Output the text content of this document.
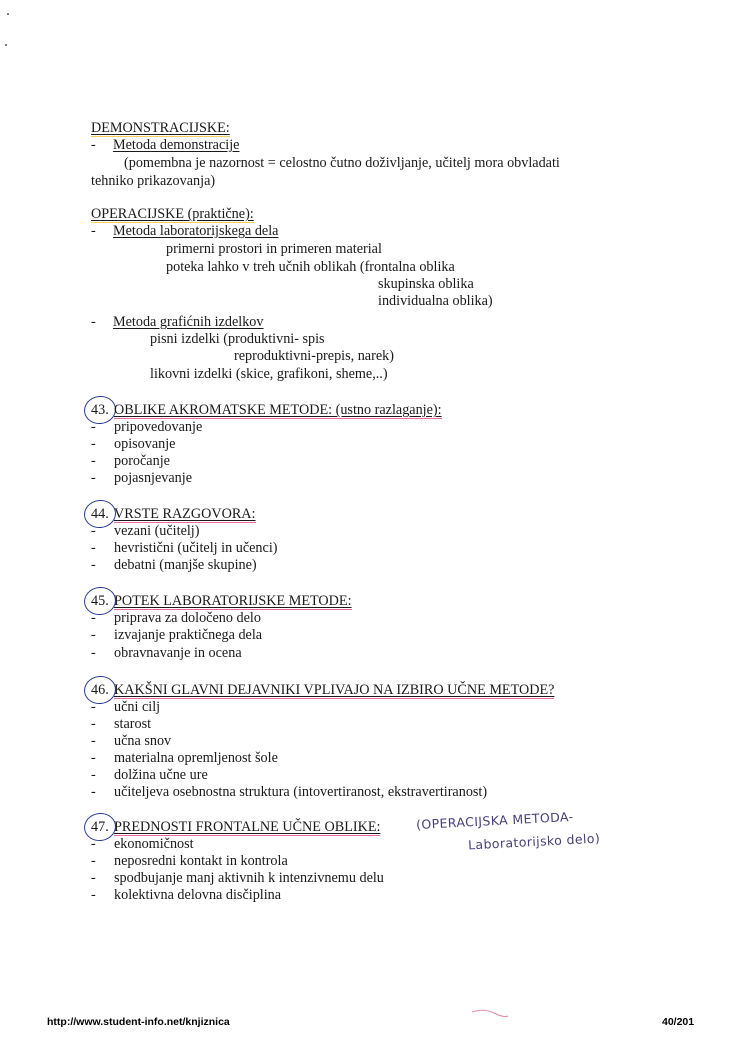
DEMONSTRACIJSKE:
- Metoda demonstracije
(pomembna je nazornost = celostno čutno doživljanje, učitelj mora obvladati
tehniko prikazovanja)
OPERACIJSKE (praktične):
- Metoda laboratorijskega dela
primerni prostori in primeren material
poteka lahko v treh učnih oblikah (frontalna oblika
skupinska oblika
individualna oblika)
- Metoda grafićnih izdelkov
pisni izdelki (produktivni- spis
reproduktivni-prepis, narek)
likovni izdelki (skice, grafikoni, sheme,..)
43. OBLIKE AKROMATSKE METODE: (ustno razlaganje):
- pripovedovanje
- opisovanje
- poročanje
- pojasnjevanje
44. VRSTE RAZGOVORA:
- vezani (učitelj)
- hevristični (učitelj in učenci)
- debatni (manjše skupine)
45. POTEK LABORATORIJSKE METODE:
- priprava za določeno delo
- izvajanje praktičnega dela
- obravnavanje in ocena
46. KAKŠNI GLAVNI DEJAVNIKI VPLIVAJO NA IZBIRO UČNE METODE?
- učni cilj
- starost
- učna snov
- materialna opremljenost šole
- dolžina učne ure
- učiteljeva osebnostna struktura (intovertiranost, ekstravertiranost)
47. PREDNOSTI FRONTALNE UČNE OBLIKE:	(OPERACIJSKA METODA-
Laboratorijsko delo)
- ekonomičnost
- neposredni kontakt in kontrola
- spodbujanje manj aktivnih k intenzivnemu delu
- kolektivna delovna disčiplina
http://www.student-info.net/knjiznica	40/201
